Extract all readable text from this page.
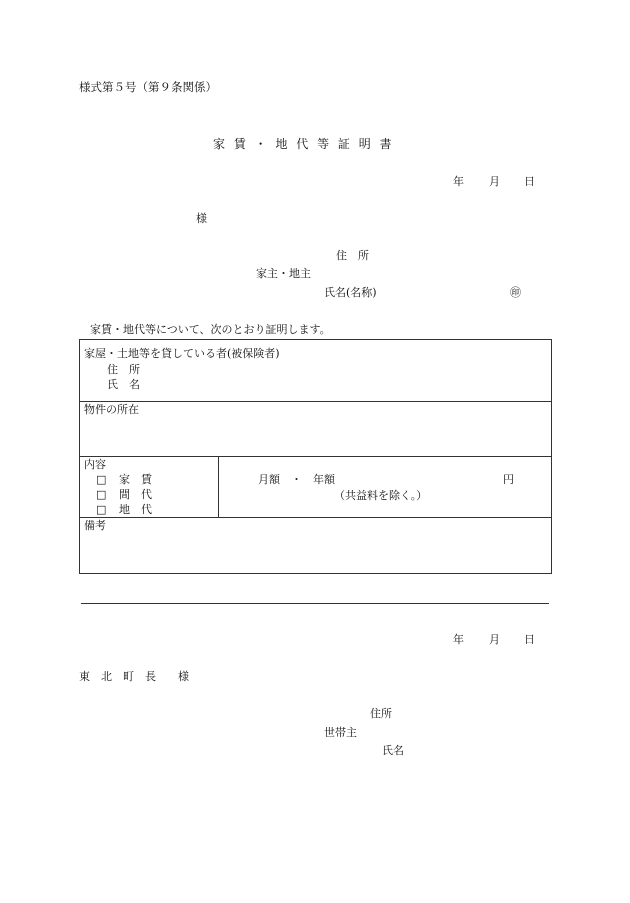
様式第５号（第９条関係）
家 賃 ・ 地 代 等 証 明 書
年 月 日
様
住　所
家主・地主
氏名(名称)	㊞
家賃・地代等について、次のとおり証明します。
家屋・土地等を貸している者(被保険者)
住　所
氏　名
物件の所在
内容
□ 家　賃
□ 間　代
□ 地　代
月額　・　年額	円
（共益料を除く。）
備考
年 月 日
東　北　町　長　　様
住所
世帯主
氏名
